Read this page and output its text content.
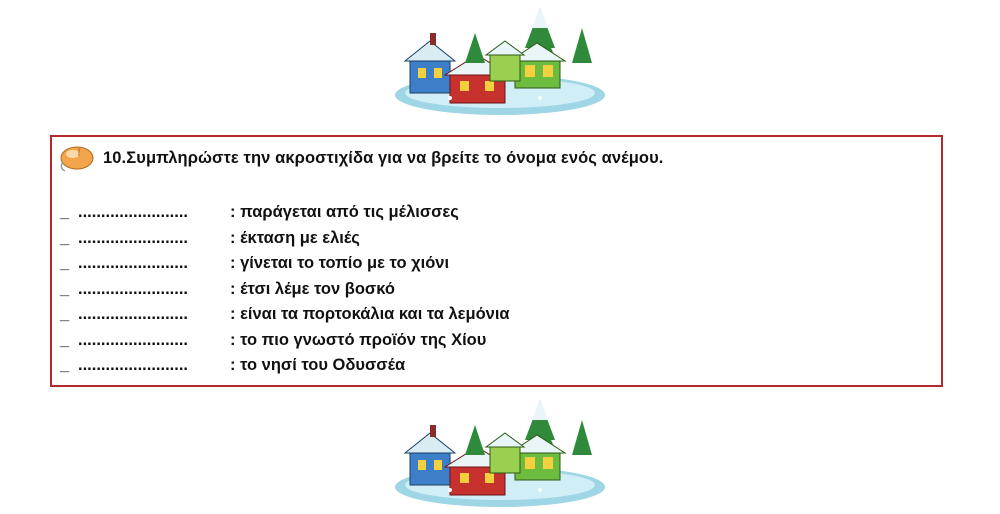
10.Συμπληρώστε την ακροστιχίδα για να βρείτε το όνομα ενός ανέμου.
_ ........................	: παράγεται από τις μέλισσες
_ ........................	: έκταση με ελιές
_ ........................	: γίνεται το τοπίο με το χιόνι
_ ........................	: έτσι λέμε τον βοσκό
_ ........................	: είναι τα πορτοκάλια και τα λεμόνια
_ ........................	: το πιο γνωστό προϊόν της Χίου
_ ........................	: το νησί του Οδυσσέα
